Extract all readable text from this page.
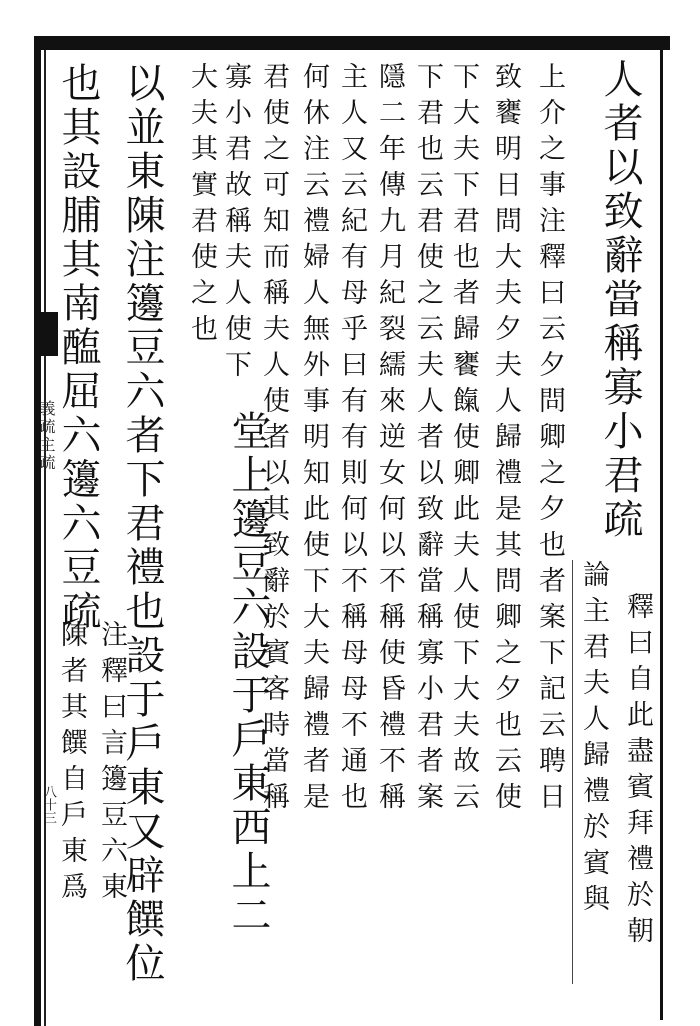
義疏主疏
八十三
人者以致辭當稱寡小君疏
釋曰自此盡賓拜禮於朝
論主君夫人歸禮於賓與
上介之事注釋曰云夕問卿之夕也者案下記云聘日
致饔明日問大夫夕夫人歸禮是其問卿之夕也云使
下大夫下君也者歸饔餼使卿此夫人使下大夫故云
下君也云君使之云夫人者以致辭當稱寡小君者案
隱二年傳九月紀裂繻來逆女何以不稱使昏禮不稱
主人又云紀有母乎曰有有則何以不稱母母不通也
何休注云禮婦人無外事明知此使下大夫歸禮者是
君使之可知而稱夫人使者以其致辭於賓客時當稱
寡小君故稱夫人使下
堂上籩豆六設于戶東西上二
大夫其實君使之也
以並東陳注籩豆六者下君禮也設于戶東又辟饌位
也其設脯其南醢屈六籩六豆疏
注釋曰言籩豆六東
陳者其饌自戶東爲
